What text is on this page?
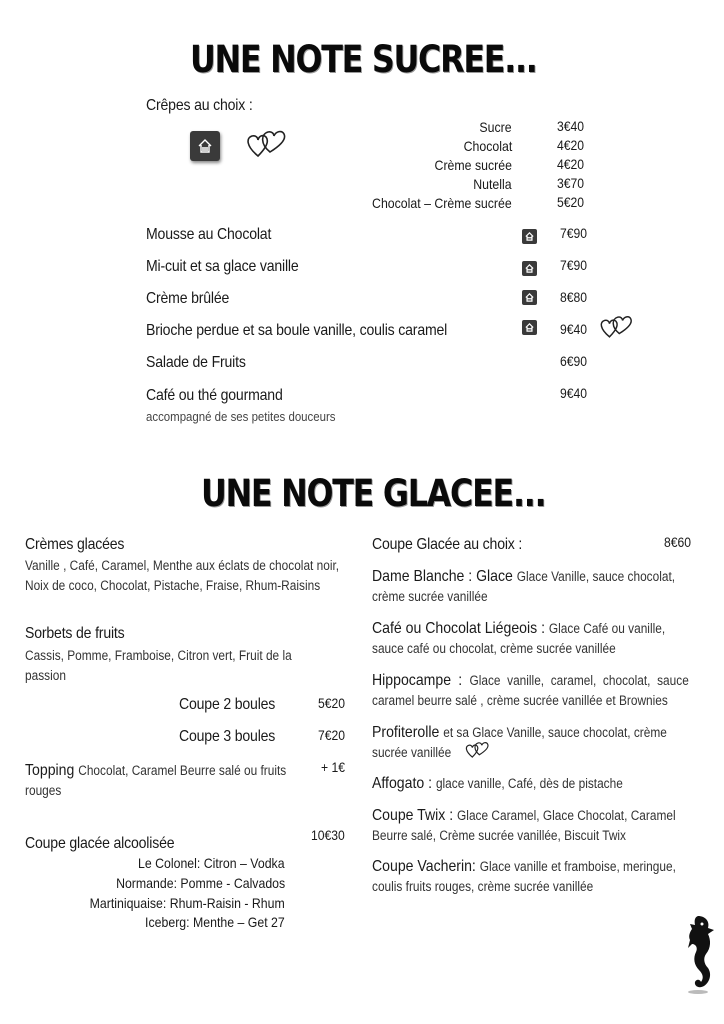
UNE NOTE SUCREE...
Crêpes au choix :
Sucre	3€40
Chocolat	4€20
Crème sucrée	4€20
Nutella	3€70
Chocolat – Crème sucrée	5€20
Mousse au Chocolat	7€90
Mi-cuit et sa glace vanille	7€90
Crème brûlée	8€80
Brioche perdue et sa boule vanille, coulis caramel	9€40
Salade de Fruits	6€90
Café ou thé gourmand	9€40
accompagné de ses petites douceurs
UNE NOTE GLACEE...
Crèmes glacées
Vanille , Café, Caramel, Menthe aux éclats de chocolat noir, Noix de coco, Chocolat, Pistache, Fraise, Rhum-Raisins
Sorbets de fruits
Cassis, Pomme, Framboise, Citron vert, Fruit de la passion
Coupe 2 boules	5€20
Coupe 3 boules	7€20
Topping Chocolat, Caramel Beurre salé ou fruits rouges
+ 1€
Coupe glacée alcoolisée	10€30
Le Colonel: Citron – Vodka
Normande: Pomme - Calvados
Martiniquaise: Rhum-Raisin - Rhum
Iceberg: Menthe – Get 27
Coupe Glacée au choix :	8€60
Dame Blanche : Glace Glace Vanille, sauce chocolat, crème sucrée vanillée
Café ou Chocolat Liégeois : Glace Café ou vanille, sauce café ou chocolat, crème sucrée vanillée
Hippocampe : Glace vanille, caramel, chocolat, sauce caramel beurre salé , crème sucrée vanillée et Brownies
Profiterolle et sa Glace Vanille, sauce chocolat, crème sucrée vanillée
Affogato : glace vanille, Café, dès de pistache
Coupe Twix : Glace Caramel, Glace Chocolat, Caramel Beurre salé, Crème sucrée vanillée, Biscuit Twix
Coupe Vacherin: Glace vanille et framboise, meringue, coulis fruits rouges, crème sucrée vanillée
